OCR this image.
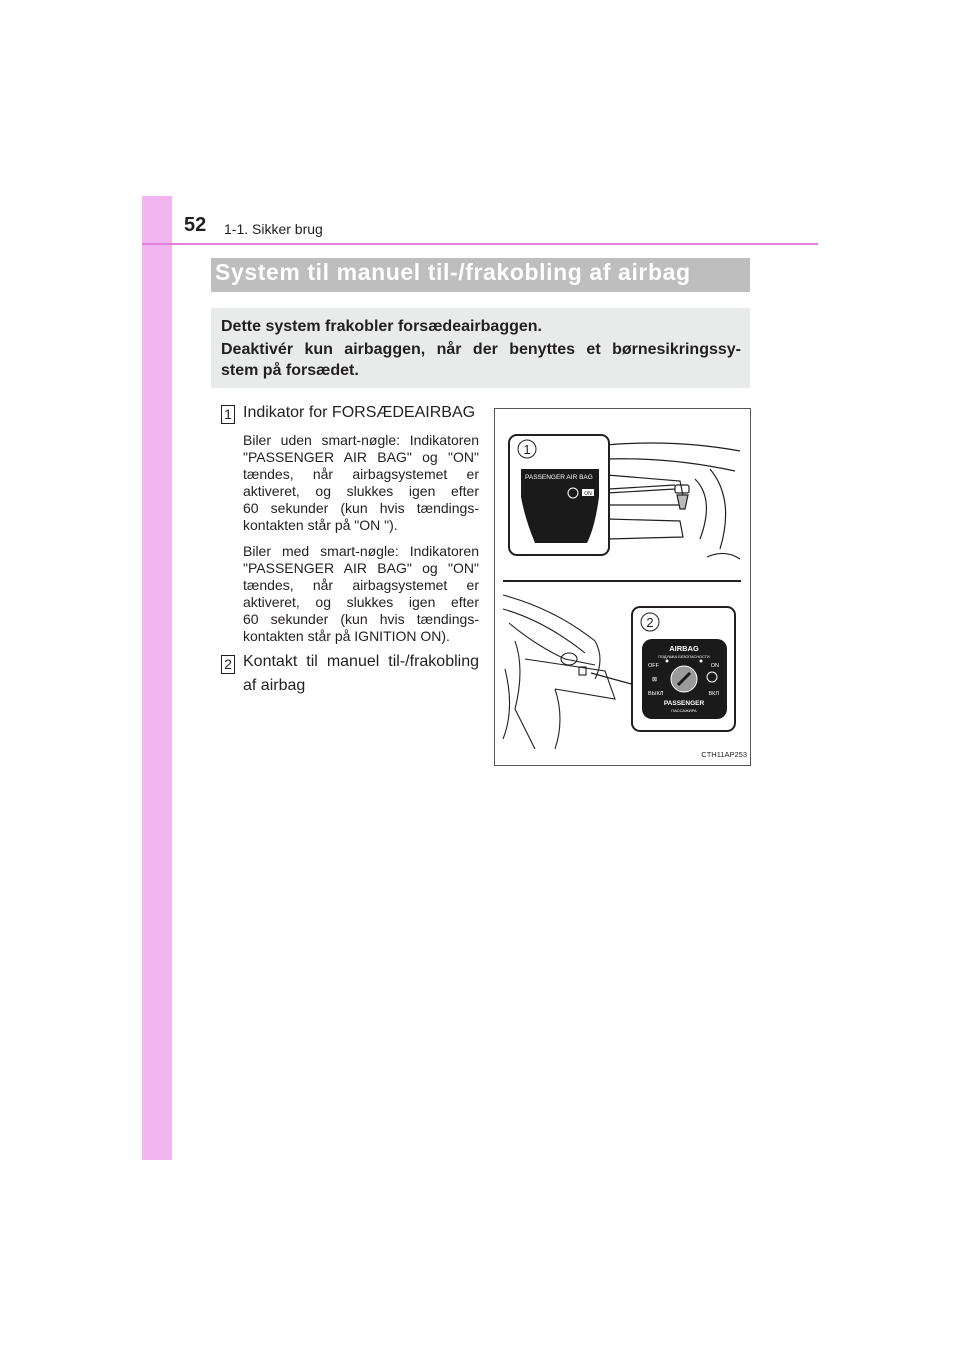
52 1-1. Sikker brug
System til manuel til-/frakobling af airbag
Dette system frakobler forsædeairbaggen.
Deaktivér kun airbaggen, når der benyttes et børnesikringssy-
stem på forsædet.
1 Indikator for FORSÆDEAIRBAG
Biler uden smart-nøgle: Indikatoren
"PASSENGER AIR BAG" og "ON"
tændes, når airbagsystemet er
aktiveret, og slukkes igen efter
60 sekunder (kun hvis tændings-
kontakten står på "ON ").
Biler med smart-nøgle: Indikatoren
"PASSENGER AIR BAG" og "ON"
tændes, når airbagsystemet er
aktiveret, og slukkes igen efter
60 sekunder (kun hvis tændings-
kontakten står på IGNITION ON).
2 Kontakt til manuel til-/frakobling
af airbag
1
PASSENGER AIR BAG
ON
2
AIRBAG
ПОДУШКА БЕЗОПАСНОСТИ
OFF	ON
⊠
ВЫКЛ	ВКЛ
PASSENGER
ПАССАЖИРА
CTH11AP253
